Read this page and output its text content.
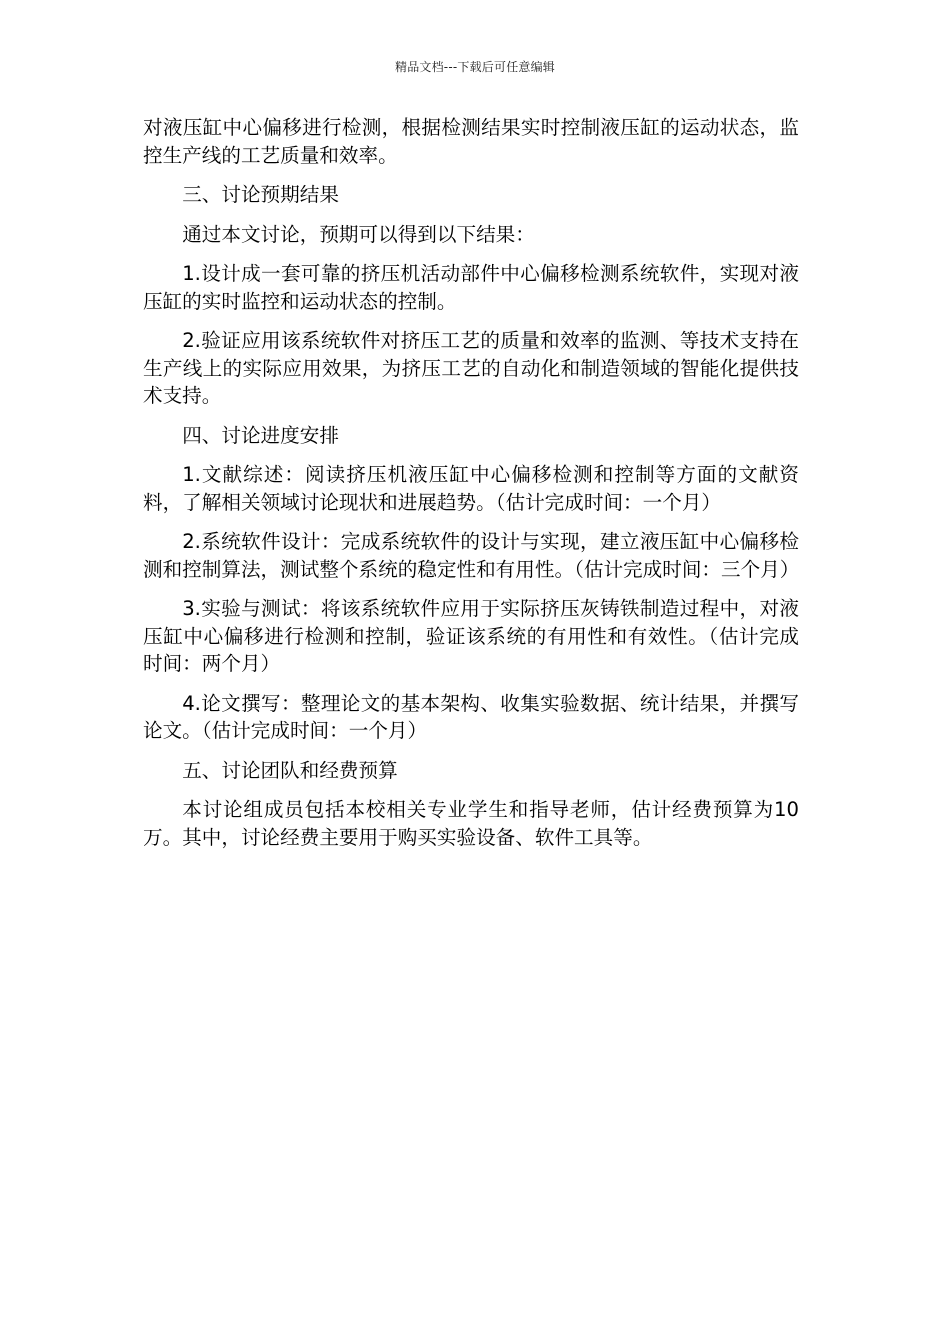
精品文档---下载后可任意编辑

对液压缸中心偏移进行检测，根据检测结果实时控制液压缸的运动状态，监控生产线的工艺质量和效率。

三、讨论预期结果

通过本文讨论，预期可以得到以下结果：

1.设计成一套可靠的挤压机活动部件中心偏移检测系统软件，实现对液压缸的实时监控和运动状态的控制。

2.验证应用该系统软件对挤压工艺的质量和效率的监测、等技术支持在生产线上的实际应用效果，为挤压工艺的自动化和制造领域的智能化提供技术支持。

四、讨论进度安排

1.文献综述：阅读挤压机液压缸中心偏移检测和控制等方面的文献资料，了解相关领域讨论现状和进展趋势。（估计完成时间：一个月）

2.系统软件设计：完成系统软件的设计与实现，建立液压缸中心偏移检测和控制算法，测试整个系统的稳定性和有用性。（估计完成时间：三个月）

3.实验与测试：将该系统软件应用于实际挤压灰铸铁制造过程中，对液压缸中心偏移进行检测和控制，验证该系统的有用性和有效性。（估计完成时间：两个月）

4.论文撰写：整理论文的基本架构、收集实验数据、统计结果，并撰写论文。（估计完成时间：一个月）

五、讨论团队和经费预算

本讨论组成员包括本校相关专业学生和指导老师，估计经费预算为10万。其中，讨论经费主要用于购买实验设备、软件工具等。
